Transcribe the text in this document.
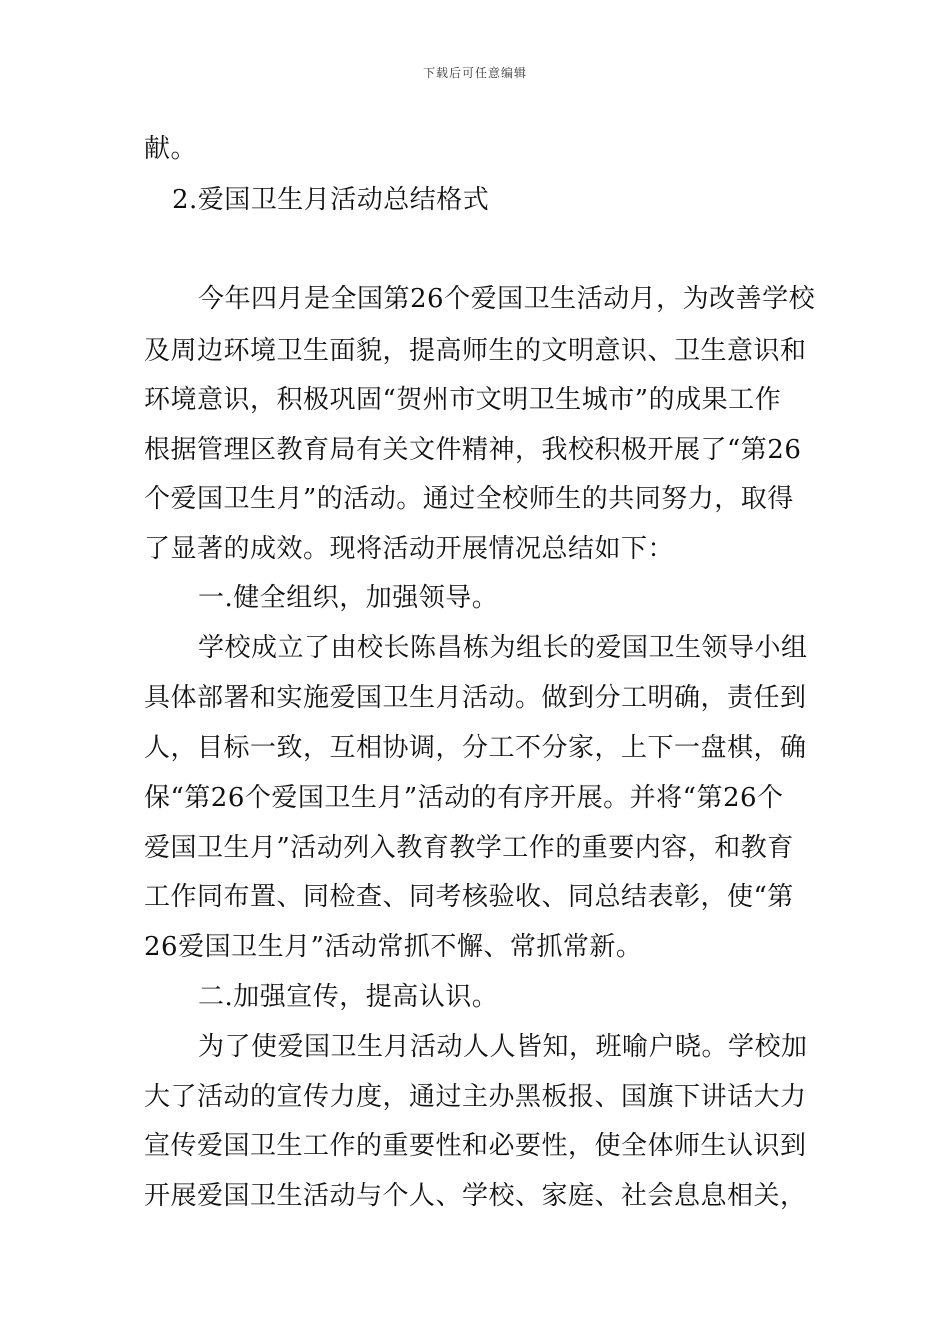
下载后可任意编辑
献。
2.爱国卫生月活动总结格式
今年四月是全国第26个爱国卫生活动月，为改善学校
及周边环境卫生面貌，提高师生的文明意识、卫生意识和
环境意识，积极巩固“贺州市文明卫生城市”的成果工作
根据管理区教育局有关文件精神，我校积极开展了“第26
个爱国卫生月”的活动。通过全校师生的共同努力，取得
了显著的成效。现将活动开展情况总结如下：
一.健全组织，加强领导。
学校成立了由校长陈昌栋为组长的爱国卫生领导小组
具体部署和实施爱国卫生月活动。做到分工明确，责任到
人，目标一致，互相协调，分工不分家，上下一盘棋，确
保“第26个爱国卫生月”活动的有序开展。并将“第26个
爱国卫生月”活动列入教育教学工作的重要内容，和教育
工作同布置、同检查、同考核验收、同总结表彰，使“第
26爱国卫生月”活动常抓不懈、常抓常新。
二.加强宣传，提高认识。
为了使爱国卫生月活动人人皆知，班喻户晓。学校加
大了活动的宣传力度，通过主办黑板报、国旗下讲话大力
宣传爱国卫生工作的重要性和必要性，使全体师生认识到
开展爱国卫生活动与个人、学校、家庭、社会息息相关，
